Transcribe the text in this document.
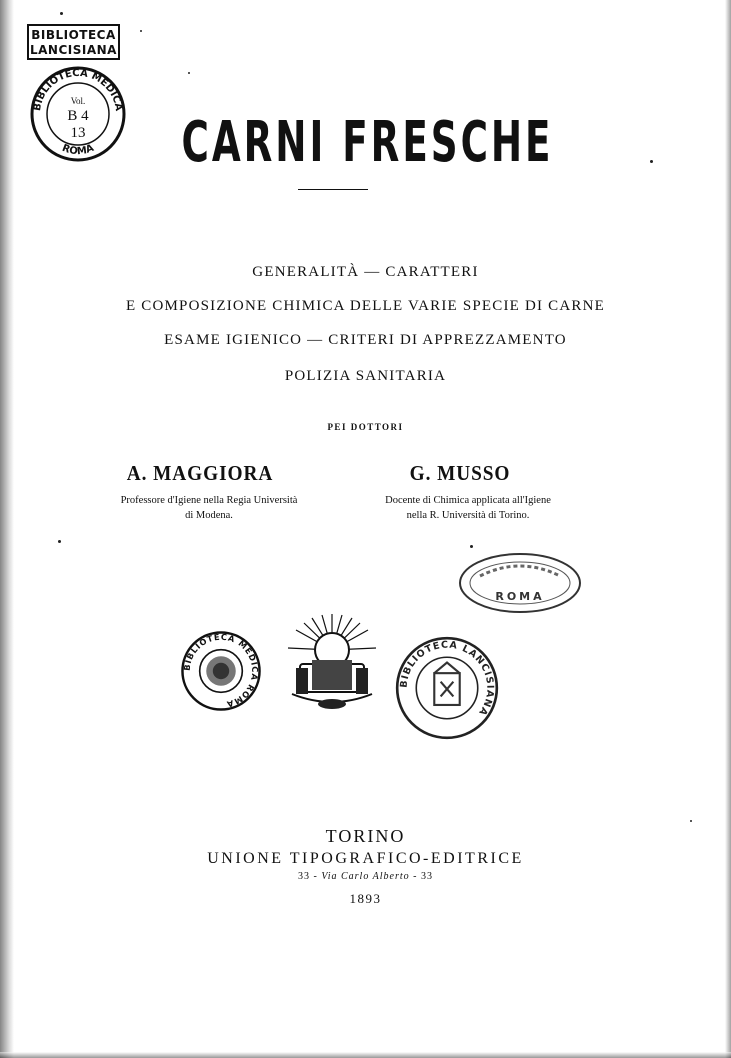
BIBLIOTECA
LANCISIANA
BIBLIOTECA MEDICA
ROMA
Vol.
B 4
13	CARNI FRESCHE
GENERALITÀ — CARATTERI
E COMPOSIZIONE CHIMICA DELLE VARIE SPECIE DI CARNE
ESAME IGIENICO — CRITERI DI APPREZZAMENTO
POLIZIA SANITARIA
PEI DOTTORI
A. MAGGIORA	G. MUSSO
Professore d'Igiene nella Regia Università
di Modena.
Docente di Chimica applicata all'Igiene
nella R. Università di Torino.
ROMA
BIBLIOTECA MEDICA ROMA
BIBLIOTECA LANCISIANA
TORINO
UNIONE TIPOGRAFICO-EDITRICE
33 - Via Carlo Alberto - 33
1893
